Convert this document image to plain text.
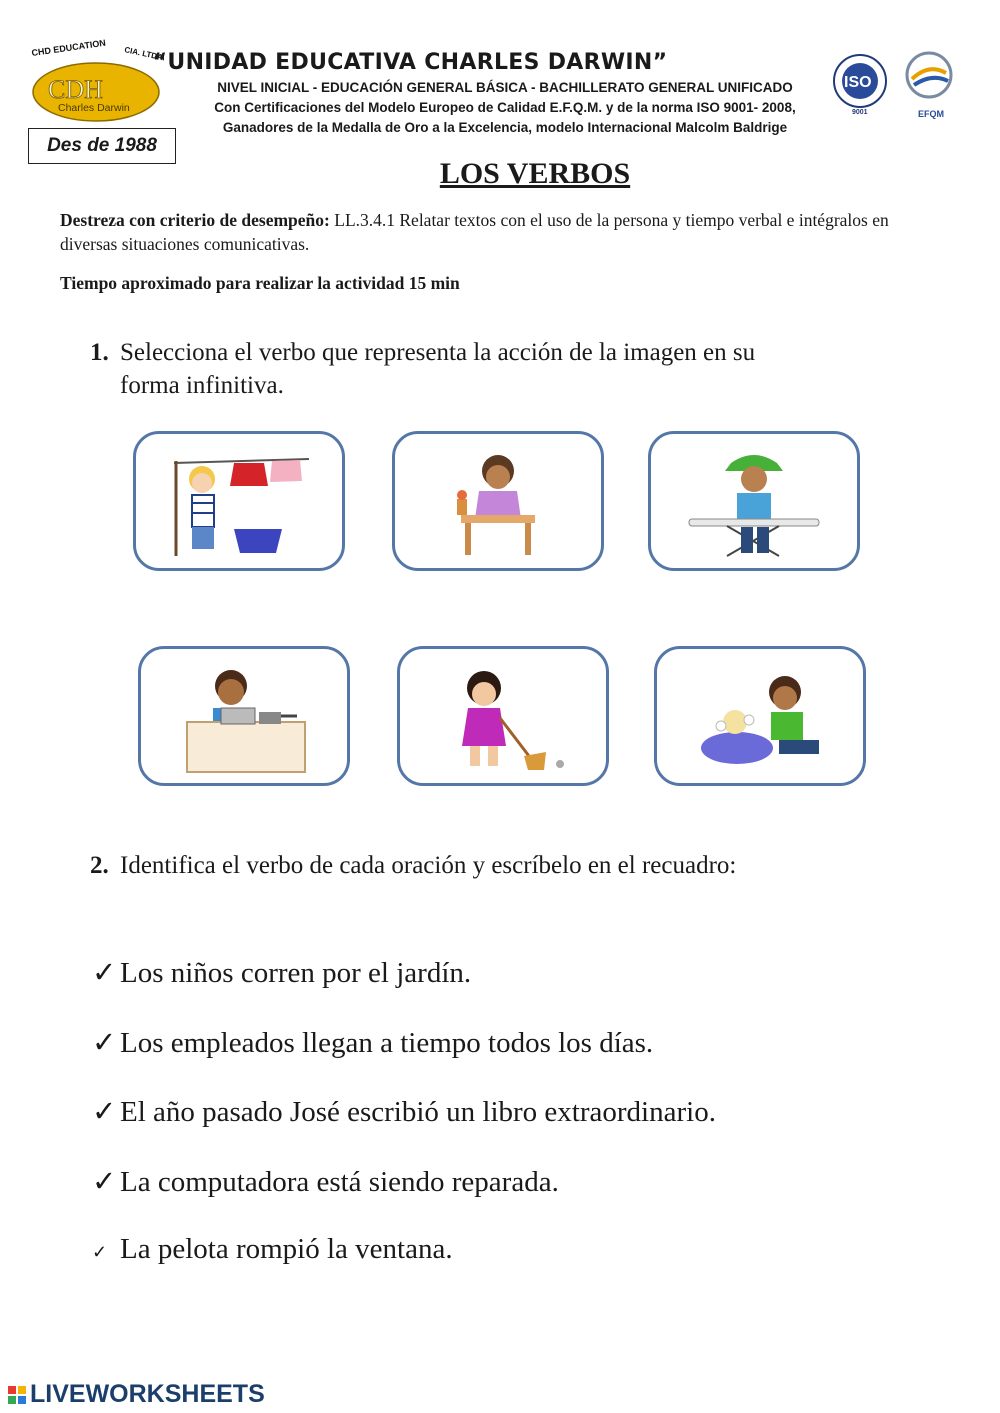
CHD EDUCATION CIA. LTDA.
CDH
Charles Darwin
“UNIDAD EDUCATIVA CHARLES DARWIN”
NIVEL INICIAL - EDUCACIÓN GENERAL BÁSICA - BACHILLERATO GENERAL UNIFICADO
Con Certificaciones del Modelo Europeo de Calidad E.F.Q.M. y de la norma ISO 9001- 2008,
Ganadores de la Medalla de Oro a la Excelencia, modelo Internacional Malcolm Baldrige
Des de 1988
ISO
9001	EFQM
LOS VERBOS
Destreza con criterio de desempeño: LL.3.4.1 Relatar textos con el uso de la persona y tiempo verbal e intégralos en diversas situaciones comunicativas.
Tiempo aproximado para realizar la actividad 15 min
1. Selecciona el verbo que representa la acción de la imagen en su
forma infinitiva.
2. Identifica el verbo de cada oración y escríbelo en el recuadro:
✓ Los niños corren por el jardín.
✓ Los empleados llegan a tiempo todos los días.
✓ El año pasado José escribió un libro extraordinario.
✓ La computadora está siendo reparada.
✓ La pelota rompió la ventana.
LIVEWORKSHEETS
